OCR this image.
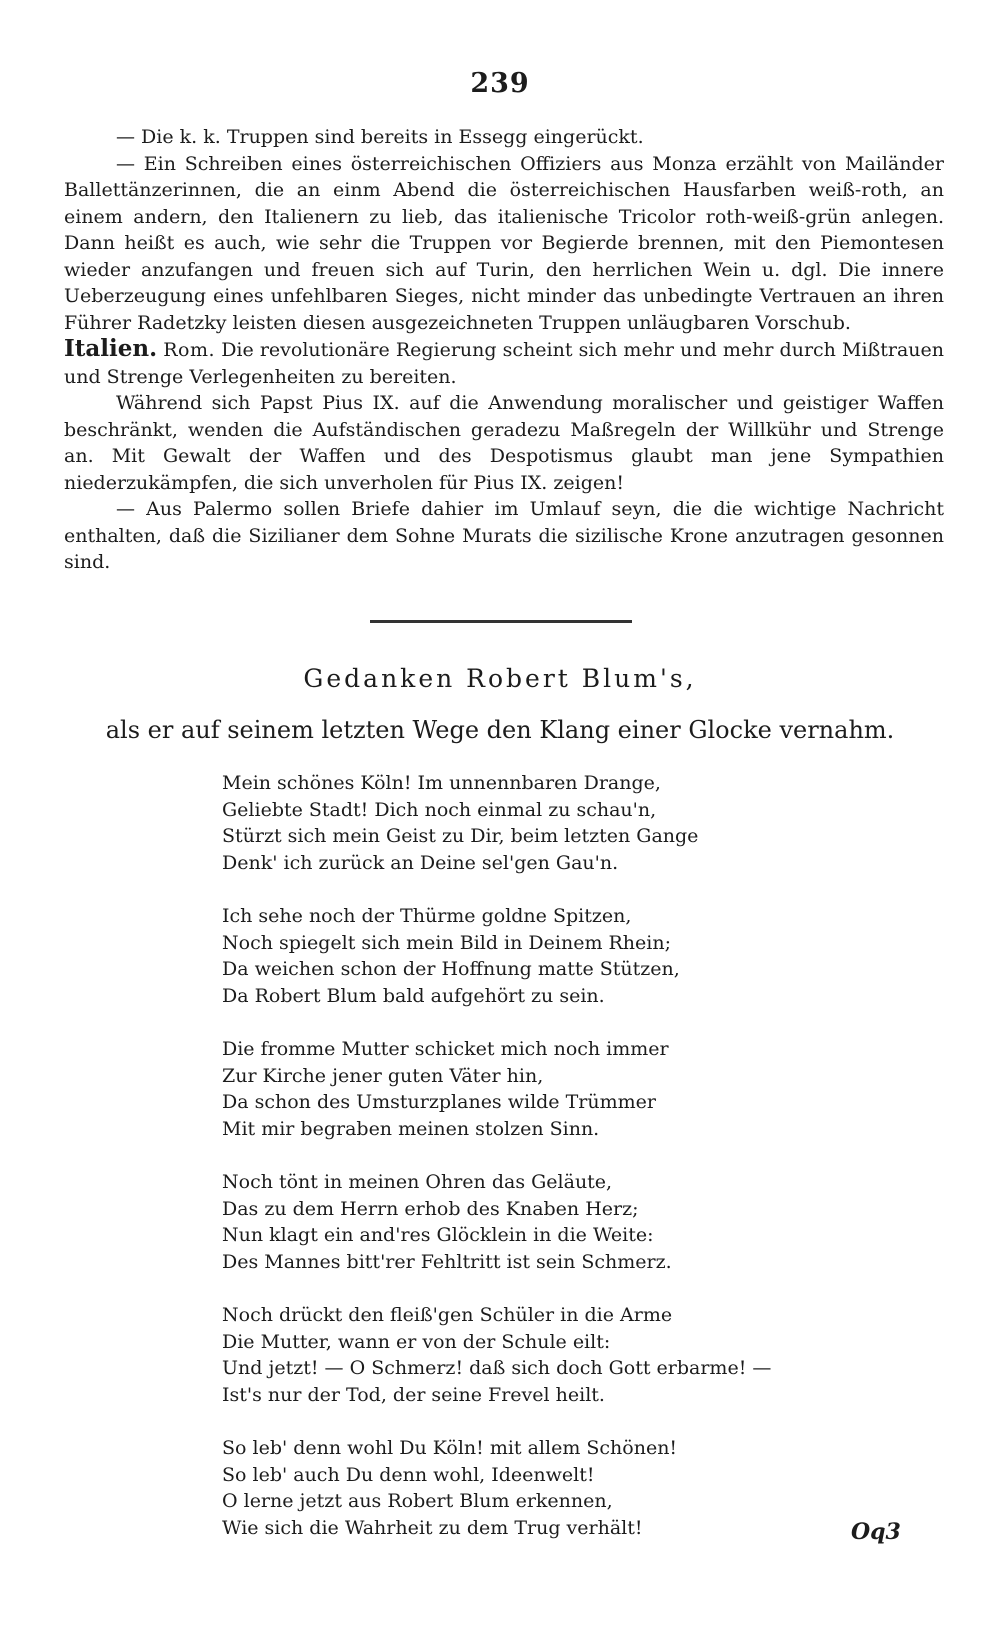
239

— Die k. k. Truppen sind bereits in Essegg eingerückt.

— Ein Schreiben eines österreichischen Offiziers aus Monza erzählt von Mailänder Ballettänzerinnen, die an einm Abend die österreichischen Hausfarben weiß-roth, an einem andern, den Italienern zu lieb, das italienische Tricolor roth-weiß-grün anlegen. Dann heißt es auch, wie sehr die Truppen vor Begierde brennen, mit den Piemontesen wieder anzufangen und freuen sich auf Turin, den herrlichen Wein u. dgl. Die innere Ueberzeugung eines unfehlbaren Sieges, nicht minder das unbedingte Vertrauen an ihren Führer Radetzky leisten diesen ausgezeichneten Truppen unläugbaren Vorschub.

Italien. Rom. Die revolutionäre Regierung scheint sich mehr und mehr durch Mißtrauen und Strenge Verlegenheiten zu bereiten.

Während sich Papst Pius IX. auf die Anwendung moralischer und geistiger Waffen beschränkt, wenden die Aufständischen geradezu Maßregeln der Willkühr und Strenge an. Mit Gewalt der Waffen und des Despotismus glaubt man jene Sympathien niederzukämpfen, die sich unverholen für Pius IX. zeigen!

— Aus Palermo sollen Briefe dahier im Umlauf seyn, die die wichtige Nachricht enthalten, daß die Sizilianer dem Sohne Murats die sizilische Krone anzutragen gesonnen sind.

Gedanken Robert Blum's,
als er auf seinem letzten Wege den Klang einer Glocke vernahm.
Mein schönes Köln! Im unnennbaren Drange,
Geliebte Stadt! Dich noch einmal zu schau'n,
Stürzt sich mein Geist zu Dir, beim letzten Gange
Denk' ich zurück an Deine sel'gen Gau'n.
Ich sehe noch der Thürme goldne Spitzen,
Noch spiegelt sich mein Bild in Deinem Rhein;
Da weichen schon der Hoffnung matte Stützen,
Da Robert Blum bald aufgehört zu sein.
Die fromme Mutter schicket mich noch immer
Zur Kirche jener guten Väter hin,
Da schon des Umsturzplanes wilde Trümmer
Mit mir begraben meinen stolzen Sinn.
Noch tönt in meinen Ohren das Geläute,
Das zu dem Herrn erhob des Knaben Herz;
Nun klagt ein and'res Glöcklein in die Weite:
Des Mannes bitt'rer Fehltritt ist sein Schmerz.
Noch drückt den fleiß'gen Schüler in die Arme
Die Mutter, wann er von der Schule eilt:
Und jetzt! — O Schmerz! daß sich doch Gott erbarme! —
Ist's nur der Tod, der seine Frevel heilt.
So leb' denn wohl Du Köln! mit allem Schönen!
So leb' auch Du denn wohl, Ideenwelt!
O lerne jetzt aus Robert Blum erkennen,
Wie sich die Wahrheit zu dem Trug verhält!	Oq3
